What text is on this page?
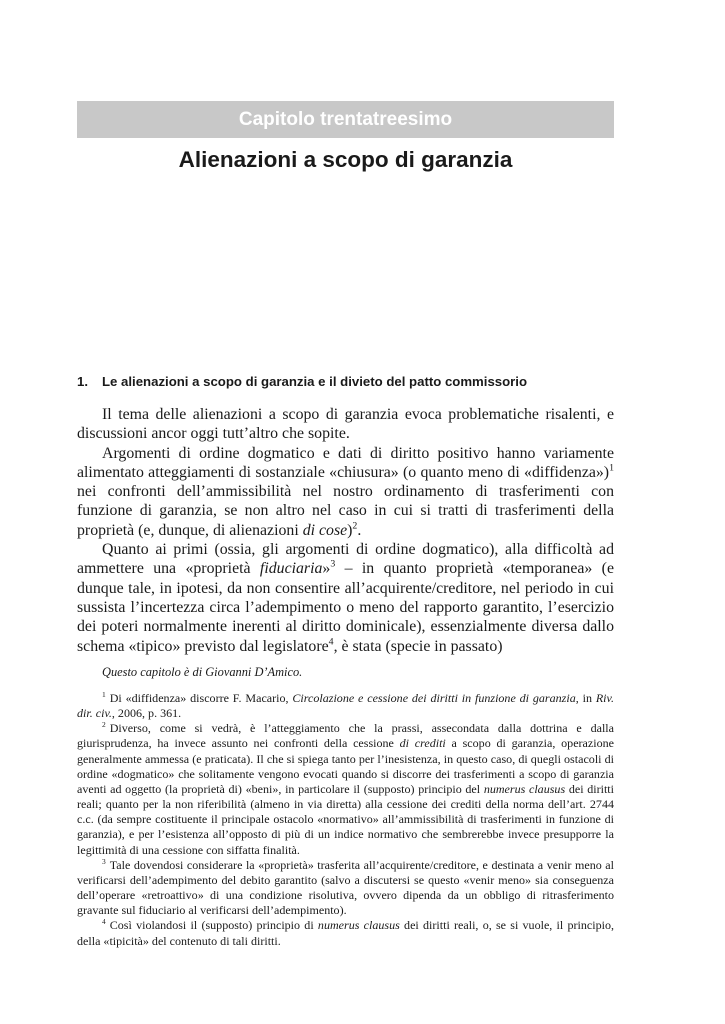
Capitolo trentatreesimo
Alienazioni a scopo di garanzia
1. Le alienazioni a scopo di garanzia e il divieto del patto commissorio

Il tema delle alienazioni a scopo di garanzia evoca problematiche risalenti, e discussioni ancor oggi tutt’altro che sopite.

Argomenti di ordine dogmatico e dati di diritto positivo hanno variamente alimentato atteggiamenti di sostanziale «chiusura» (o quanto meno di «diffidenza»)$^1$ nei confronti dell’ammissibilità nel nostro ordinamento di trasferimenti con funzione di garanzia, se non altro nel caso in cui si tratti di trasferimenti della proprietà (e, dunque, di alienazioni di cose)$^2$.

Quanto ai primi (ossia, gli argomenti di ordine dogmatico), alla difficoltà ad ammettere una «proprietà fiduciaria»$^3$ – in quanto proprietà «temporanea» (e dunque tale, in ipotesi, da non consentire all’acquirente/creditore, nel periodo in cui sussista l’incertezza circa l’adempimento o meno del rapporto garantito, l’esercizio dei poteri normalmente inerenti al diritto dominicale), essenzialmente diversa dallo schema «tipico» previsto dal legislatore$^4$, è stata (specie in passato)

Questo capitolo è di Giovanni D’Amico.

$^1$ Di «diffidenza» discorre F. Macario, Circolazione e cessione dei diritti in funzione di garanzia, in Riv. dir. civ., 2006, p. 361.

$^2$ Diverso, come si vedrà, è l’atteggiamento che la prassi, assecondata dalla dottrina e dalla giurisprudenza, ha invece assunto nei confronti della cessione di crediti a scopo di garanzia, operazione generalmente ammessa (e praticata). Il che si spiega tanto per l’inesistenza, in questo caso, di quegli ostacoli di ordine «dogmatico» che solitamente vengono evocati quando si discorre dei trasferimenti a scopo di garanzia aventi ad oggetto (la proprietà di) «beni», in particolare il (supposto) principio del numerus clausus dei diritti reali; quanto per la non riferibilità (almeno in via diretta) alla cessione dei crediti della norma dell’art. 2744 c.c. (da sempre costituente il principale ostacolo «normativo» all’ammissibilità di trasferimenti in funzione di garanzia), e per l’esistenza all’opposto di più di un indice normativo che sembrerebbe invece presupporre la legittimità di una cessione con siffatta finalità.

$^3$ Tale dovendosi considerare la «proprietà» trasferita all’acquirente/creditore, e destinata a venir meno al verificarsi dell’adempimento del debito garantito (salvo a discutersi se questo «venir meno» sia conseguenza dell’operare «retroattivo» di una condizione risolutiva, ovvero dipenda da un obbligo di ritrasferimento gravante sul fiduciario al verificarsi dell’adempimento).

$^4$ Così violandosi il (supposto) principio di numerus clausus dei diritti reali, o, se si vuole, il principio, della «tipicità» del contenuto di tali diritti.
